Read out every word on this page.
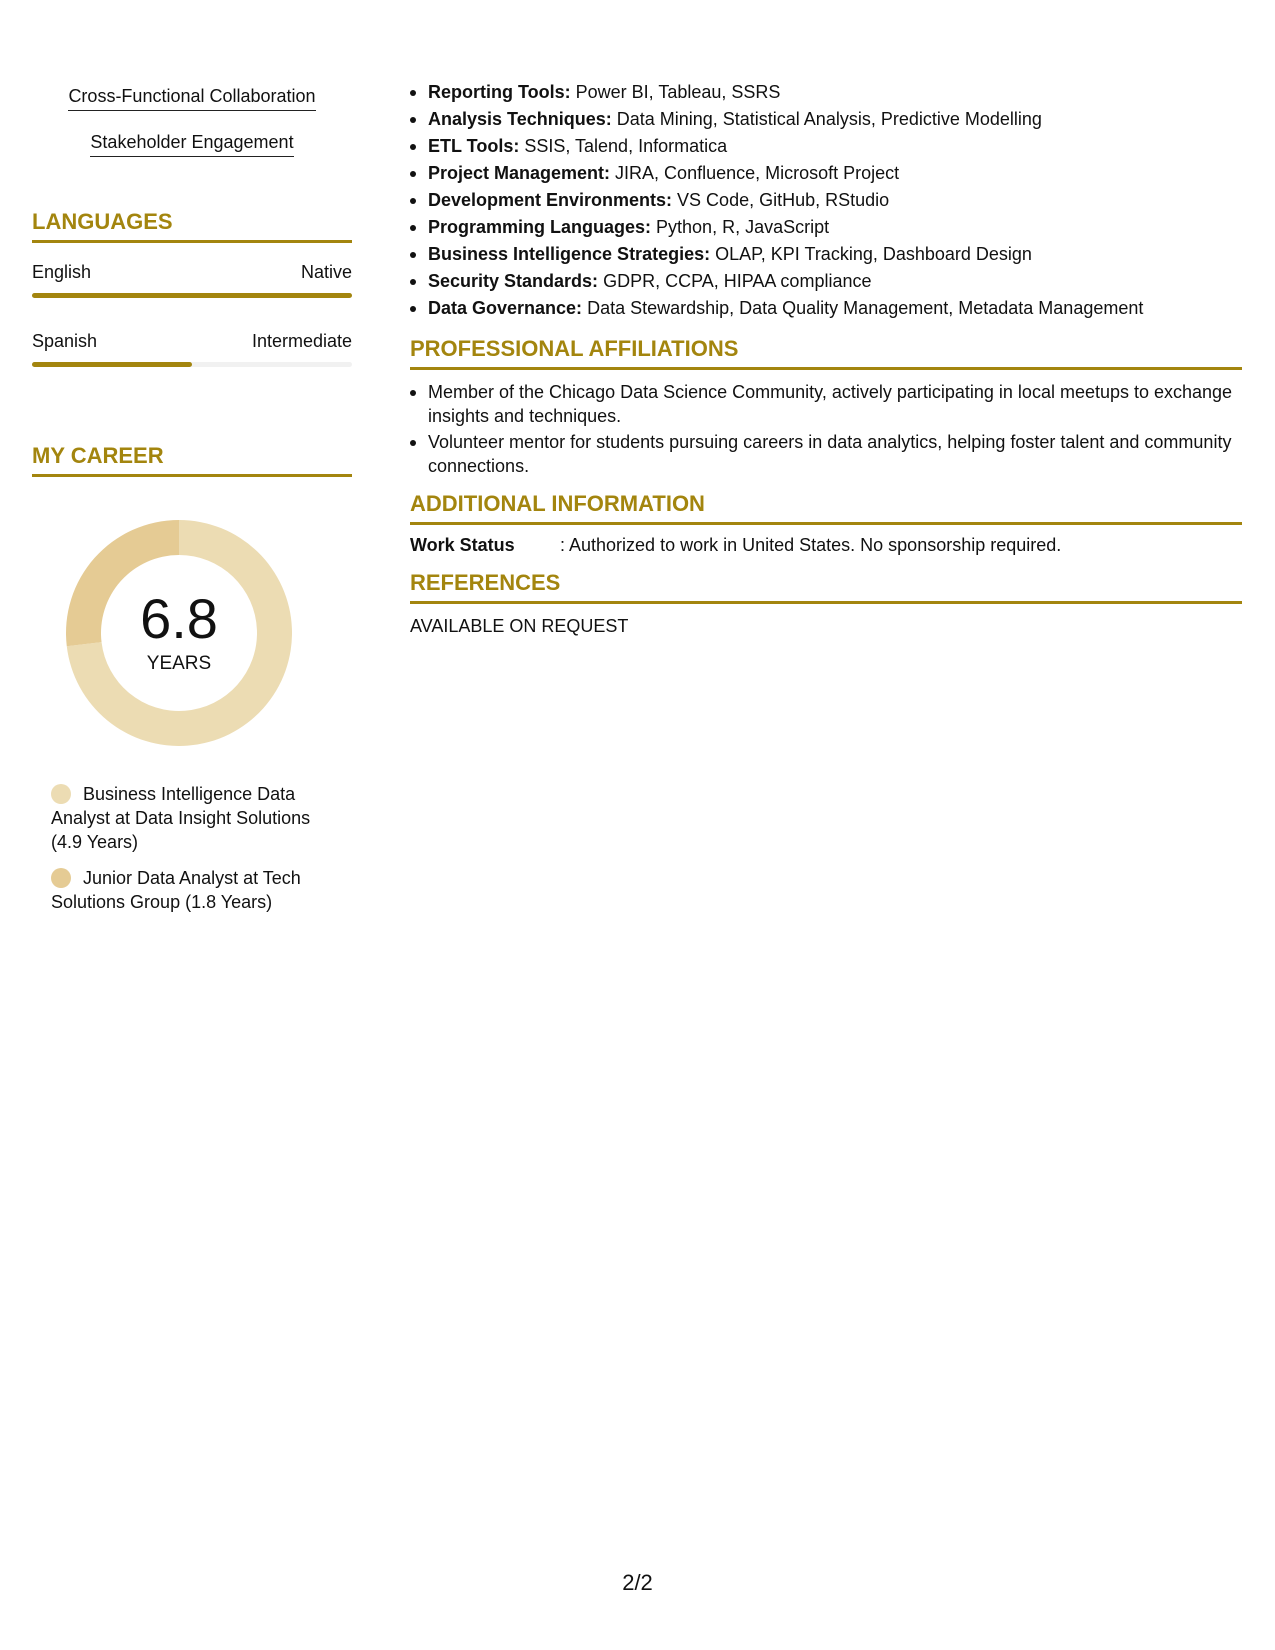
Cross-Functional Collaboration
Stakeholder Engagement
LANGUAGES
English	Native
Spanish	Intermediate
MY CAREER
6.8
YEARS
Business Intelligence Data Analyst at Data Insight Solutions (4.9 Years)
Junior Data Analyst at Tech Solutions Group (1.8 Years)
Reporting Tools: Power BI, Tableau, SSRS
Analysis Techniques: Data Mining, Statistical Analysis, Predictive Modelling
ETL Tools: SSIS, Talend, Informatica
Project Management: JIRA, Confluence, Microsoft Project
Development Environments: VS Code, GitHub, RStudio
Programming Languages: Python, R, JavaScript
Business Intelligence Strategies: OLAP, KPI Tracking, Dashboard Design
Security Standards: GDPR, CCPA, HIPAA compliance
Data Governance: Data Stewardship, Data Quality Management, Metadata Management
PROFESSIONAL AFFILIATIONS
Member of the Chicago Data Science Community, actively participating in local meetups to exchange insights and techniques.
Volunteer mentor for students pursuing careers in data analytics, helping foster talent and community connections.
ADDITIONAL INFORMATION
Work Status	: Authorized to work in United States. No sponsorship required.
REFERENCES
AVAILABLE ON REQUEST
2/2
